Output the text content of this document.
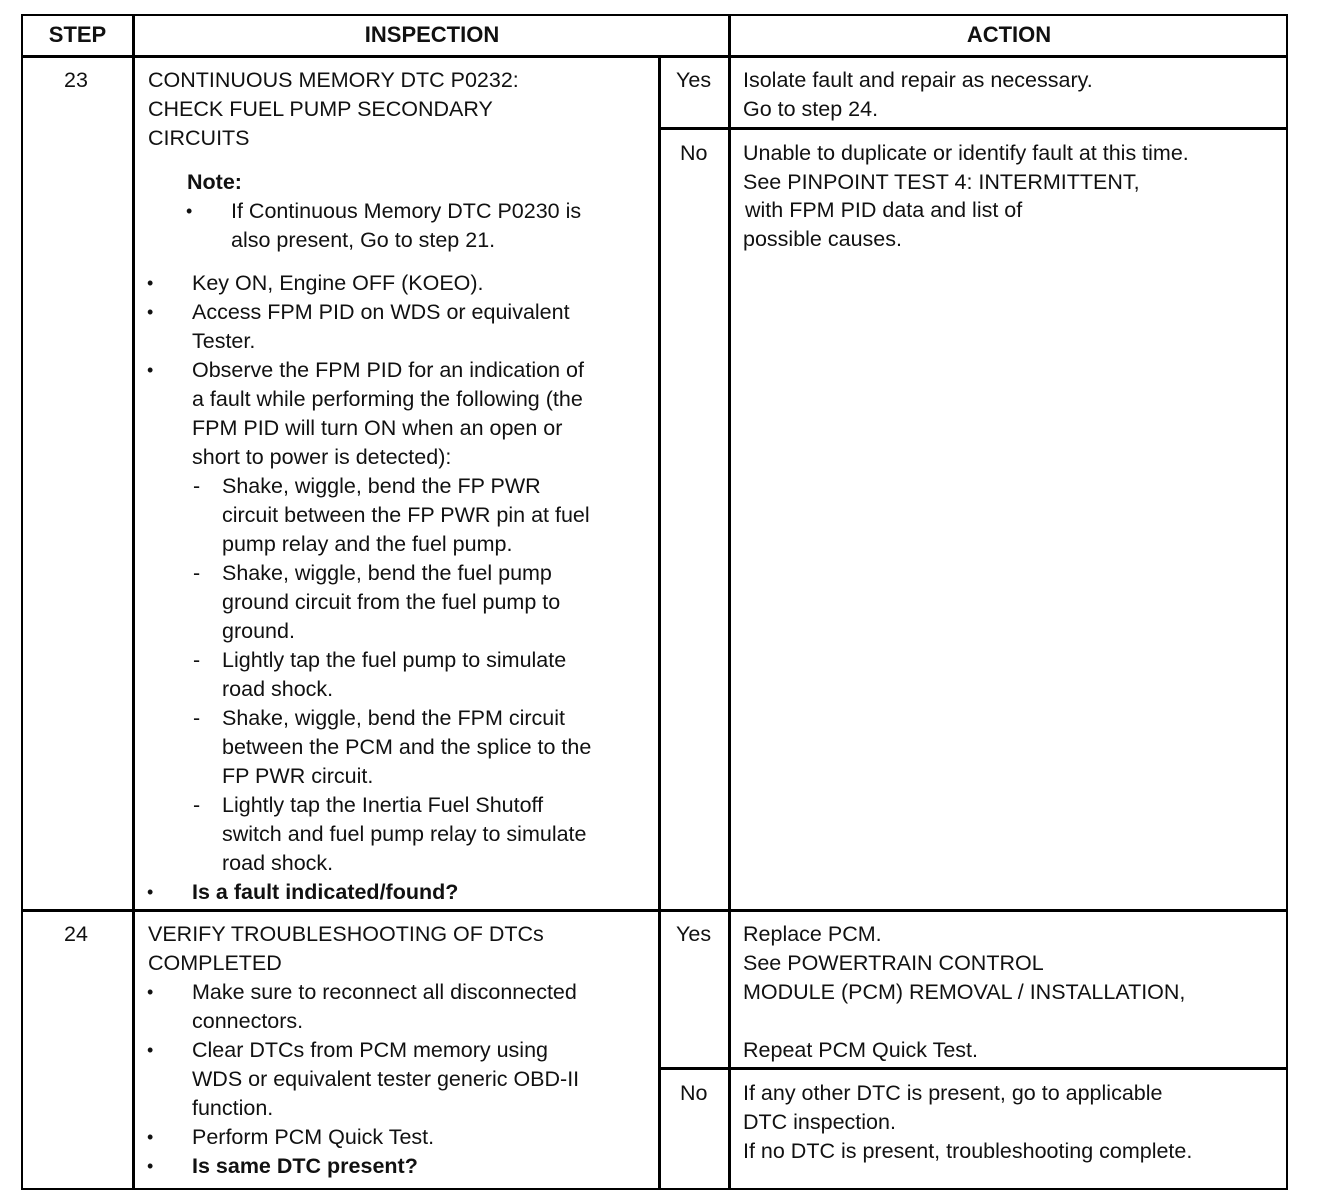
STEP	INSPECTION	ACTION
23	CONTINUOUS MEMORY DTC P0232:
CHECK FUEL PUMP SECONDARY
CIRCUITS
Note:
• If Continuous Memory DTC P0230 is
also present, Go to step 21.
• Key ON, Engine OFF (KOEO).
• Access FPM PID on WDS or equivalent
Tester.
• Observe the FPM PID for an indication of
a fault while performing the following (the
FPM PID will turn ON when an open or
short to power is detected):
- Shake, wiggle, bend the FP PWR
circuit between the FP PWR pin at fuel
pump relay and the fuel pump.
- Shake, wiggle, bend the fuel pump
ground circuit from the fuel pump to
ground.
- Lightly tap the fuel pump to simulate
road shock.
- Shake, wiggle, bend the FPM circuit
between the PCM and the splice to the
FP PWR circuit.
- Lightly tap the Inertia Fuel Shutoff
switch and fuel pump relay to simulate
road shock.
• Is a fault indicated/found?
Yes Isolate fault and repair as necessary.
Go to step 24.
No Unable to duplicate or identify fault at this time.
See PINPOINT TEST 4: INTERMITTENT,
with FPM PID data and list of
possible causes.
24	VERIFY TROUBLESHOOTING OF DTCs
COMPLETED
• Make sure to reconnect all disconnected
connectors.
• Clear DTCs from PCM memory using
WDS or equivalent tester generic OBD-II
function.
• Perform PCM Quick Test.
• Is same DTC present?
Yes Replace PCM.
See POWERTRAIN CONTROL
MODULE (PCM) REMOVAL / INSTALLATION,
Repeat PCM Quick Test.
No If any other DTC is present, go to applicable
DTC inspection.
If no DTC is present, troubleshooting complete.
